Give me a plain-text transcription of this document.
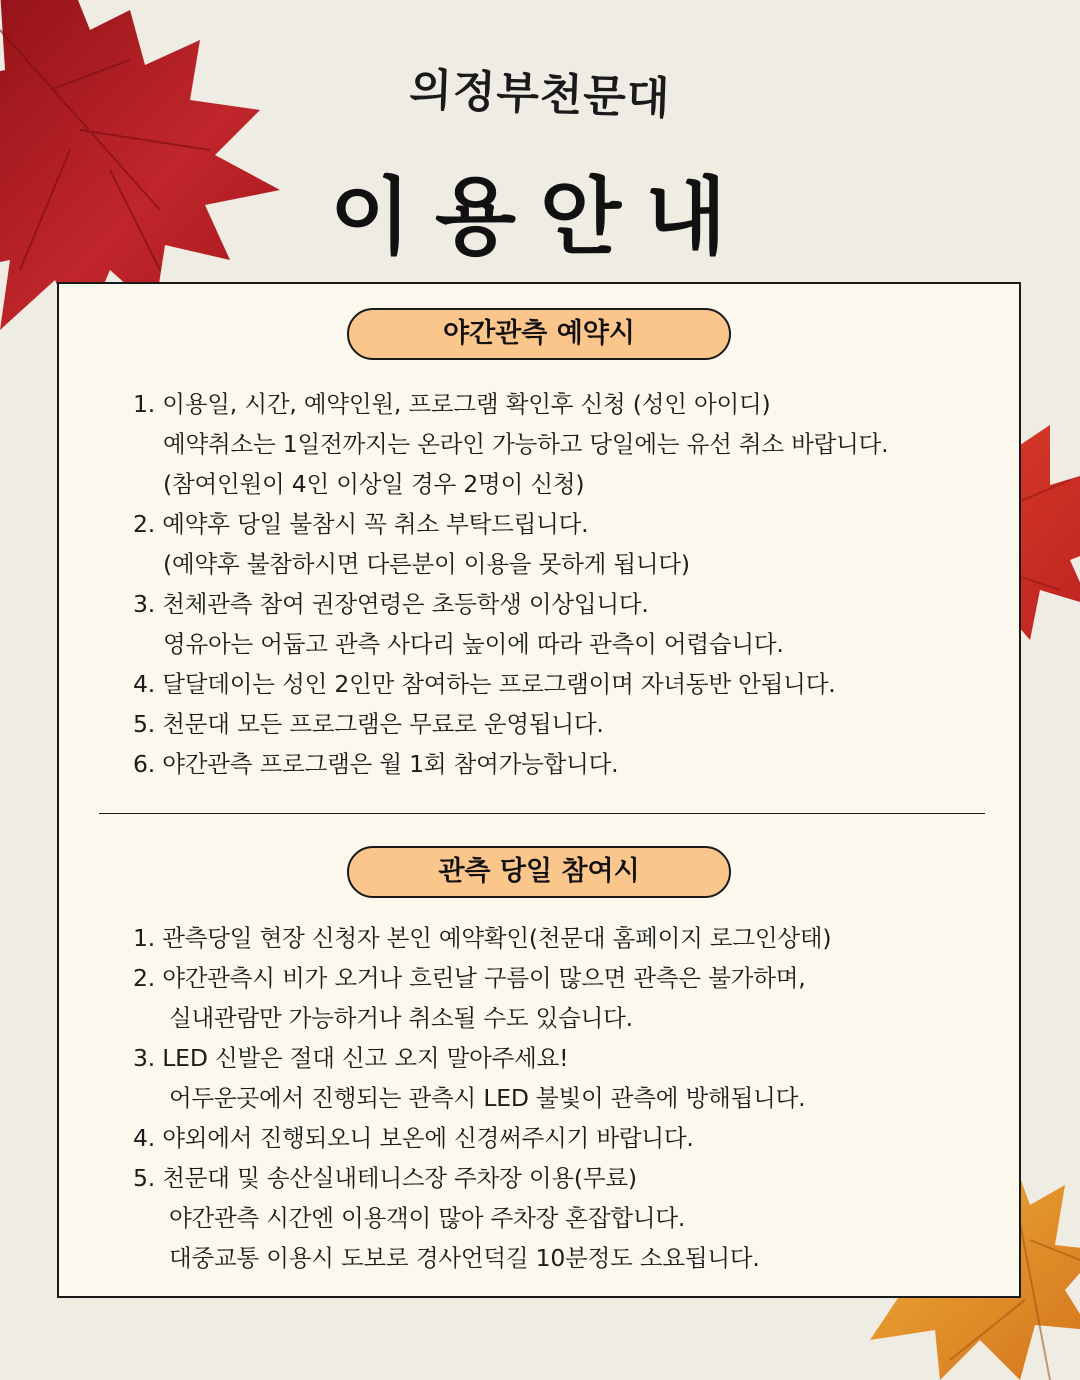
의정부천문대
이용안내
야간관측 예약시
1. 이용일, 시간, 예약인원, 프로그램 확인후 신청 (성인 아이디)
예약취소는 1일전까지는 온라인 가능하고 당일에는 유선 취소 바랍니다.
(참여인원이 4인 이상일 경우 2명이 신청)
2. 예약후 당일 불참시 꼭 취소 부탁드립니다.
(예약후 불참하시면 다른분이 이용을 못하게 됩니다)
3. 천체관측 참여 권장연령은 초등학생 이상입니다.
영유아는 어둡고 관측 사다리 높이에 따라 관측이 어렵습니다.
4. 달달데이는 성인 2인만 참여하는 프로그램이며 자녀동반 안됩니다.
5. 천문대 모든 프로그램은 무료로 운영됩니다.
6. 야간관측 프로그램은 월 1회 참여가능합니다.
관측 당일 참여시
1. 관측당일 현장 신청자 본인 예약확인(천문대 홈페이지 로그인상태)
2. 야간관측시 비가 오거나 흐린날 구름이 많으면 관측은 불가하며,
실내관람만 가능하거나 취소될 수도 있습니다.
3. LED 신발은 절대 신고 오지 말아주세요!
어두운곳에서 진행되는 관측시 LED 불빛이 관측에 방해됩니다.
4. 야외에서 진행되오니 보온에 신경써주시기 바랍니다.
5. 천문대 및 송산실내테니스장 주차장 이용(무료)
야간관측 시간엔 이용객이 많아 주차장 혼잡합니다.
대중교통 이용시 도보로 경사언덕길 10분정도 소요됩니다.
